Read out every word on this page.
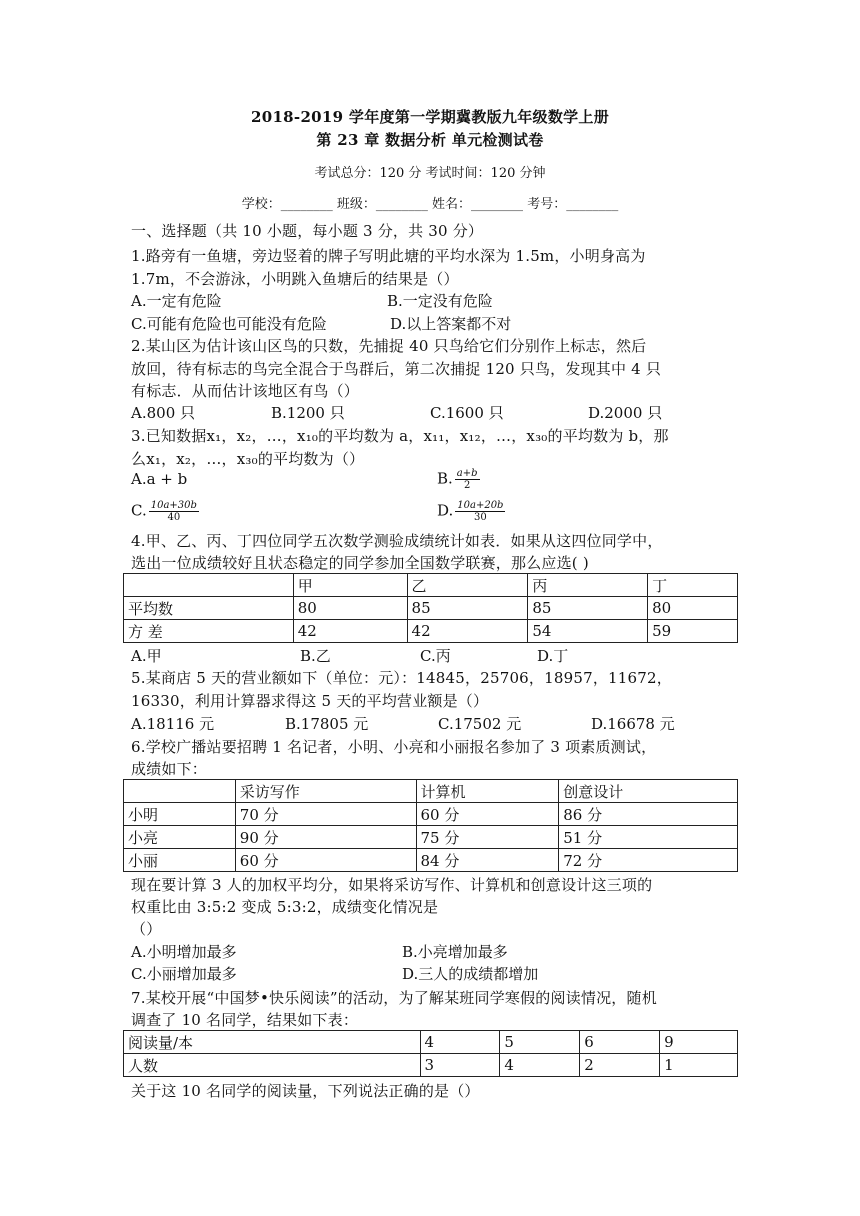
2018-2019 学年度第一学期冀教版九年级数学上册
第 23 章 数据分析 单元检测试卷
考试总分：120 分 考试时间：120 分钟
学校：________ 班级：________ 姓名：________ 考号：________
一、选择题（共 10 小题，每小题 3 分，共 30 分）
1.路旁有一鱼塘，旁边竖着的牌子写明此塘的平均水深为 1.5m，小明身高为
1.7m，不会游泳，小明跳入鱼塘后的结果是（）
A.一定有危险	B.一定没有危险
C.可能有危险也可能没有危险	D.以上答案都不对
2.某山区为估计该山区鸟的只数，先捕捉 40 只鸟给它们分别作上标志，然后
放回，待有标志的鸟完全混合于鸟群后，第二次捕捉 120 只鸟，发现其中 4 只
有标志．从而估计该地区有鸟（）
A.800 只	B.1200 只	C.1600 只	D.2000 只
3.已知数据x₁，x₂，…，x₁₀的平均数为 a，x₁₁，x₁₂，…，x₃₀的平均数为 b，那
么x₁，x₂，…，x₃₀的平均数为（）
A.a + b	B. $\frac{a+b}{2}$
C. $\frac{10a+30b}{40}$	D. $\frac{10a+20b}{30}$
4.甲、乙、丙、丁四位同学五次数学测验成绩统计如表．如果从这四位同学中，
选出一位成绩较好且状态稳定的同学参加全国数学联赛，那么应选( )
	甲	乙	丙	丁
平均数	80	85	85	80
方 差	42	42	54	59
A.甲	B.乙	C.丙	D.丁
5.某商店 5 天的营业额如下（单位：元）：14845，25706，18957，11672，
16330，利用计算器求得这 5 天的平均营业额是（）
A.18116 元	B.17805 元	C.17502 元	D.16678 元
6.学校广播站要招聘 1 名记者，小明、小亮和小丽报名参加了 3 项素质测试，
成绩如下：
	采访写作	计算机	创意设计
小明	70 分	60 分	86 分
小亮	90 分	75 分	51 分
小丽	60 分	84 分	72 分
现在要计算 3 人的加权平均分，如果将采访写作、计算机和创意设计这三项的
权重比由 3:5:2 变成 5:3:2，成绩变化情况是
（）
A.小明增加最多	B.小亮增加最多
C.小丽增加最多	D.三人的成绩都增加
7.某校开展“中国梦•快乐阅读”的活动，为了解某班同学寒假的阅读情况，随机
调查了 10 名同学，结果如下表：
阅读量/本	4	5	6	9
人数	3	4	2	1
关于这 10 名同学的阅读量，下列说法正确的是（）
